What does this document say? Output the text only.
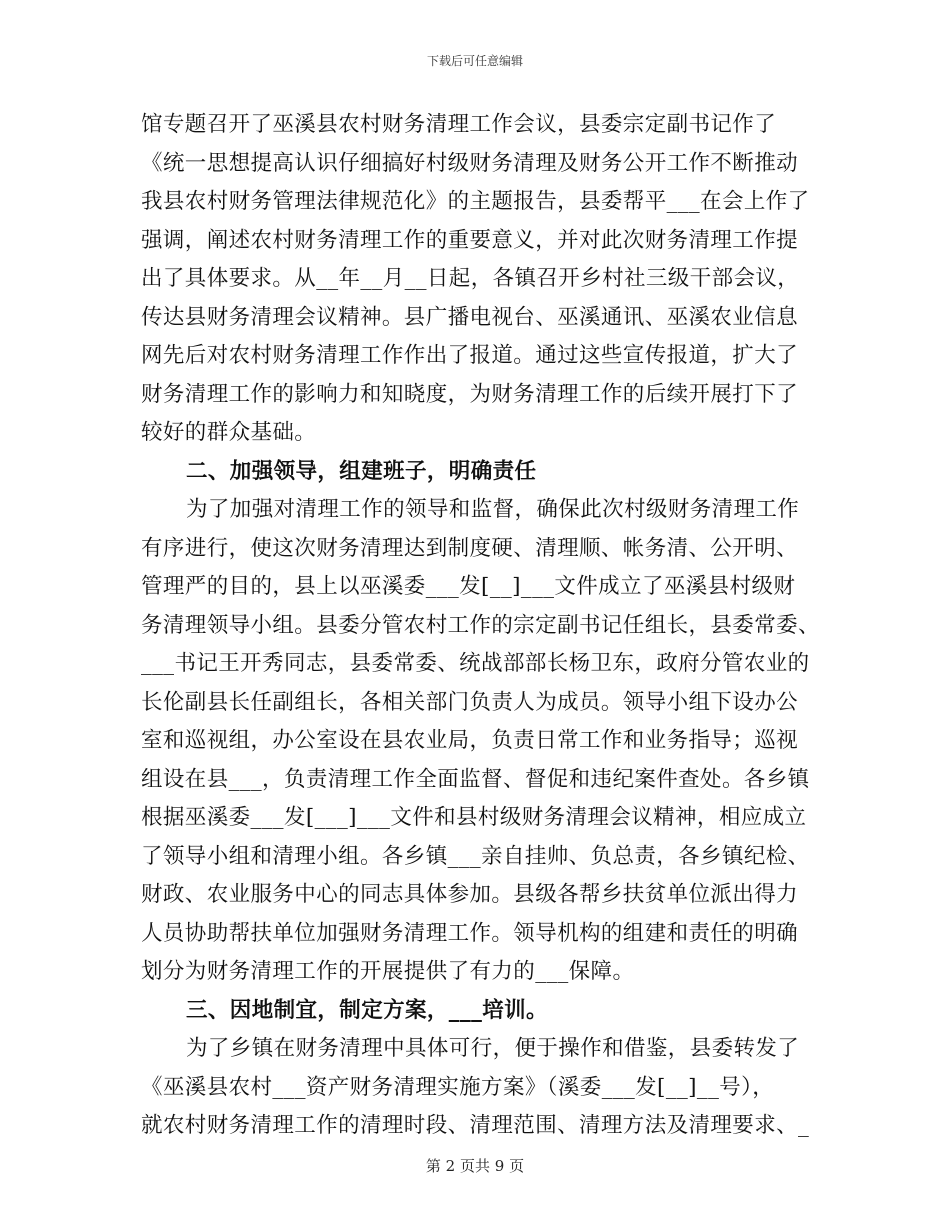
下载后可任意编辑
馆专题召开了巫溪县农村财务清理工作会议，县委宗定副书记作了
《统一思想提高认识仔细搞好村级财务清理及财务公开工作不断推动
我县农村财务管理法律规范化》的主题报告，县委帮平___在会上作了
强调，阐述农村财务清理工作的重要意义，并对此次财务清理工作提
出了具体要求。从__年__月__日起，各镇召开乡村社三级干部会议，
传达县财务清理会议精神。县广播电视台、巫溪通讯、巫溪农业信息
网先后对农村财务清理工作作出了报道。通过这些宣传报道，扩大了
财务清理工作的影响力和知晓度，为财务清理工作的后续开展打下了
较好的群众基础。
二、加强领导，组建班子，明确责任
为了加强对清理工作的领导和监督，确保此次村级财务清理工作
有序进行，使这次财务清理达到制度硬、清理顺、帐务清、公开明、
管理严的目的，县上以巫溪委___发[__]___文件成立了巫溪县村级财
务清理领导小组。县委分管农村工作的宗定副书记任组长，县委常委、
___书记王开秀同志，县委常委、统战部部长杨卫东，政府分管农业的
长伦副县长任副组长，各相关部门负责人为成员。领导小组下设办公
室和巡视组，办公室设在县农业局，负责日常工作和业务指导；巡视
组设在县___，负责清理工作全面监督、督促和违纪案件查处。各乡镇
根据巫溪委___发[___]___文件和县村级财务清理会议精神，相应成立
了领导小组和清理小组。各乡镇___亲自挂帅、负总责，各乡镇纪检、
财政、农业服务中心的同志具体参加。县级各帮乡扶贫单位派出得力
人员协助帮扶单位加强财务清理工作。领导机构的组建和责任的明确
划分为财务清理工作的开展提供了有力的___保障。
三、因地制宜，制定方案，___培训。
为了乡镇在财务清理中具体可行，便于操作和借鉴，县委转发了
《巫溪县农村___资产财务清理实施方案》（溪委___发[__]__号），
就农村财务清理工作的清理时段、清理范围、清理方法及清理要求、_
第 2 页共 9 页
